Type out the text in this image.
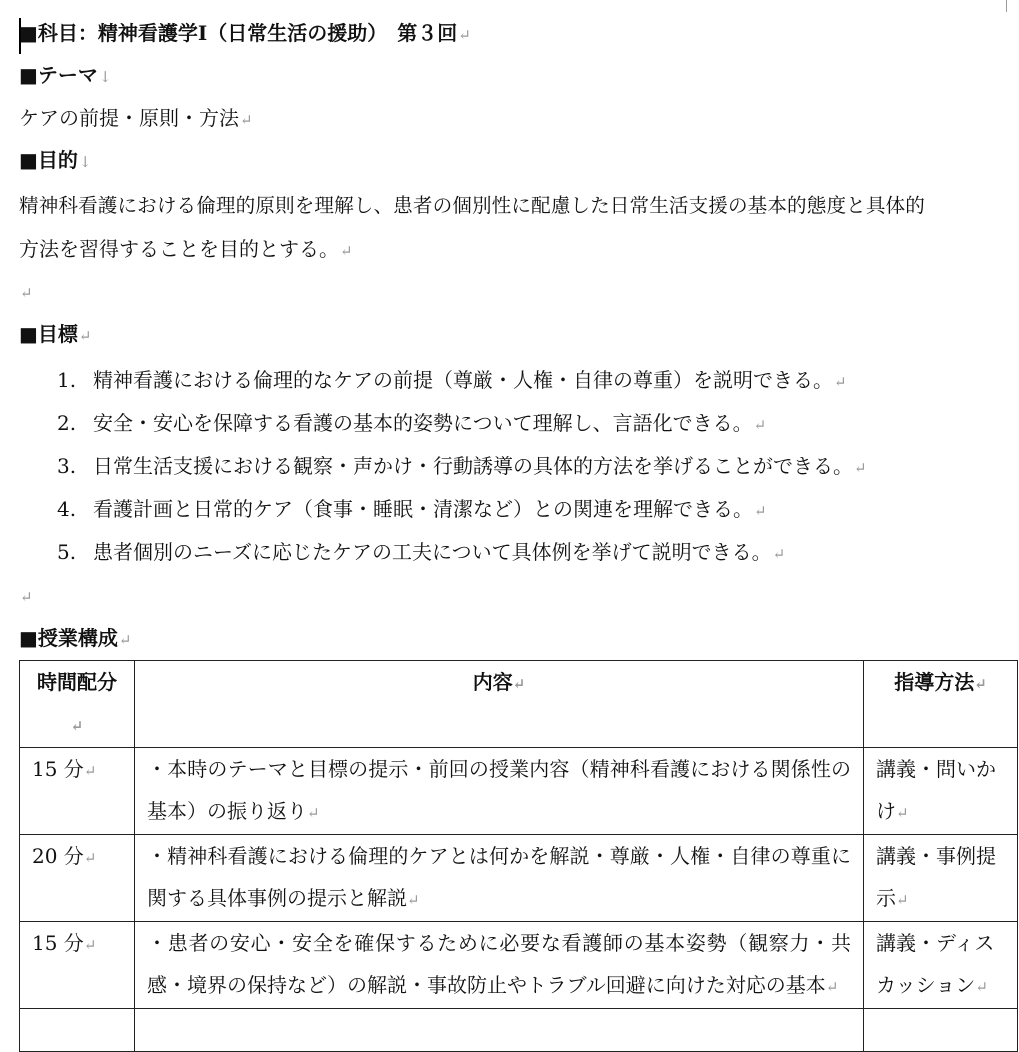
■科目：精神看護学Ⅰ（日常生活の援助）　第３回↵
■テーマ↓
ケアの前提・原則・方法↵
■目的↓
精神科看護における倫理的原則を理解し、患者の個別性に配慮した日常生活支援の基本的態度と具体的
方法を習得することを目的とする。↵
↵
■目標↵
1. 精神看護における倫理的なケアの前提（尊厳・人権・自律の尊重）を説明できる。↵
2. 安全・安心を保障する看護の基本的姿勢について理解し、言語化できる。↵
3. 日常生活支援における観察・声かけ・行動誘導の具体的方法を挙げることができる。↵
4. 看護計画と日常的ケア（食事・睡眠・清潔など）との関連を理解できる。↵
5. 患者個別のニーズに応じたケアの工夫について具体例を挙げて説明できる。↵
↵
■授業構成↵
時間配分↵	内容↵	指導方法↵
15 分↵	・本時のテーマと目標の提示・前回の授業内容（精神科看護における関係性の基本）の振り返り↵	講義・問いかけ↵
20 分↵	・精神科看護における倫理的ケアとは何かを解説・尊厳・人権・自律の尊重に関する具体事例の提示と解説↵	講義・事例提示↵
15 分↵	・患者の安心・安全を確保するために必要な看護師の基本姿勢（観察力・共感・境界の保持など）の解説・事故防止やトラブル回避に向けた対応の基本↵	講義・ディスカッション↵
